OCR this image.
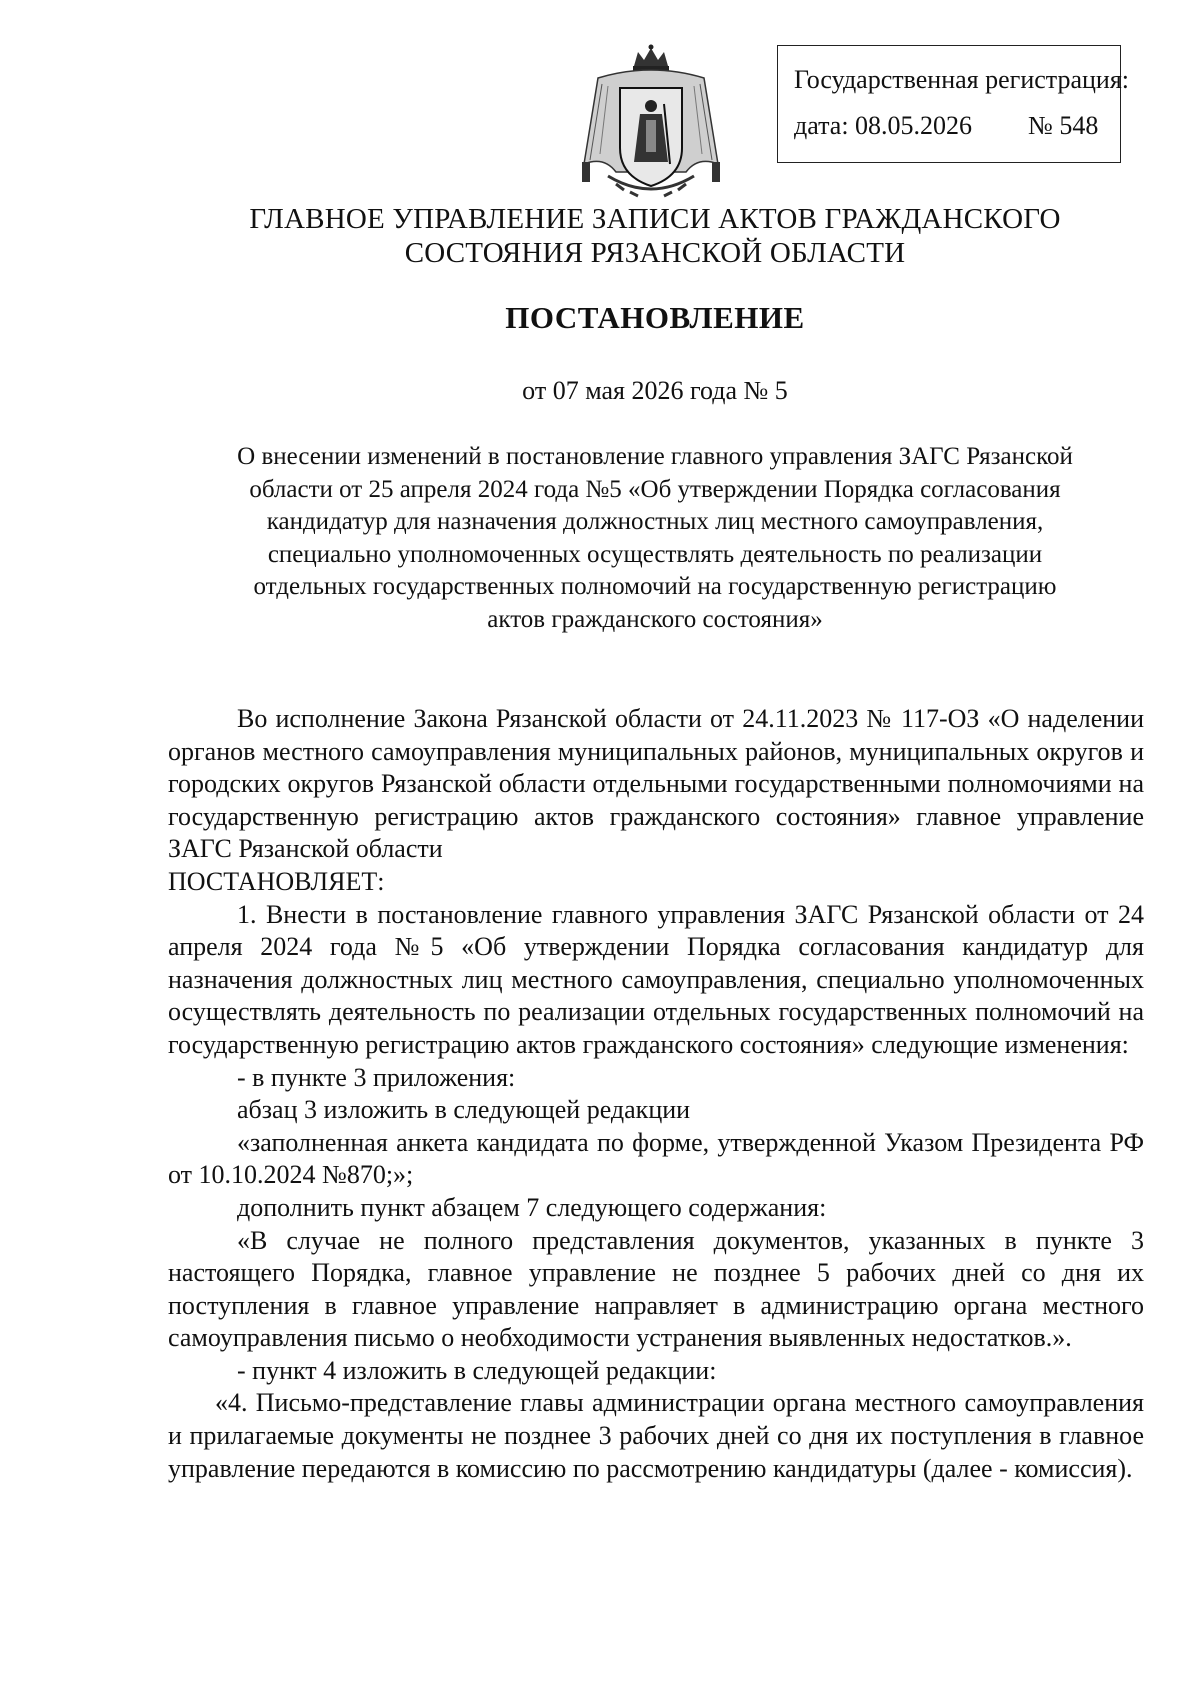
Государственная регистрация:
дата: 08.05.2026 № 548
ГЛАВНОЕ УПРАВЛЕНИЕ ЗАПИСИ АКТОВ ГРАЖДАНСКОГО
СОСТОЯНИЯ РЯЗАНСКОЙ ОБЛАСТИ
ПОСТАНОВЛЕНИЕ
от 07 мая 2026 года № 5
О внесении изменений в постановление главного управления ЗАГС Рязанской
области от 25 апреля 2024 года №5 «Об утверждении Порядка согласования
кандидатур для назначения должностных лиц местного самоуправления,
специально уполномоченных осуществлять деятельность по реализации
отдельных государственных полномочий на государственную регистрацию
актов гражданского состояния»

Во исполнение Закона Рязанской области от 24.11.2023 № 117-ОЗ «О наделении органов местного самоуправления муниципальных районов, муниципальных округов и городских округов Рязанской области отдельными государственными полномочиями на государственную регистрацию актов гражданского состояния» главное управление ЗАГС Рязанской области

ПОСТАНОВЛЯЕТ:

1. Внести в постановление главного управления ЗАГС Рязанской области от 24 апреля 2024 года №5 «Об утверждении Порядка согласования кандидатур для назначения должностных лиц местного самоуправления, специально уполномоченных осуществлять деятельность по реализации отдельных государственных полномочий на государственную регистрацию актов гражданского состояния» следующие изменения:

- в пункте 3 приложения:

абзац 3 изложить в следующей редакции

«заполненная анкета кандидата по форме, утвержденной Указом Президента РФ от 10.10.2024 №870;»;

дополнить пункт абзацем 7 следующего содержания:

«В случае не полного представления документов, указанных в пункте 3 настоящего Порядка, главное управление не позднее 5 рабочих дней со дня их поступления в главное управление направляет в администрацию органа местного самоуправления письмо о необходимости устранения выявленных недостатков.».

- пункт 4 изложить в следующей редакции:

«4. Письмо-представление главы администрации органа местного самоуправления и прилагаемые документы не позднее 3 рабочих дней со дня их поступления в главное управление передаются в комиссию по рассмотрению кандидатуры (далее - комиссия).
